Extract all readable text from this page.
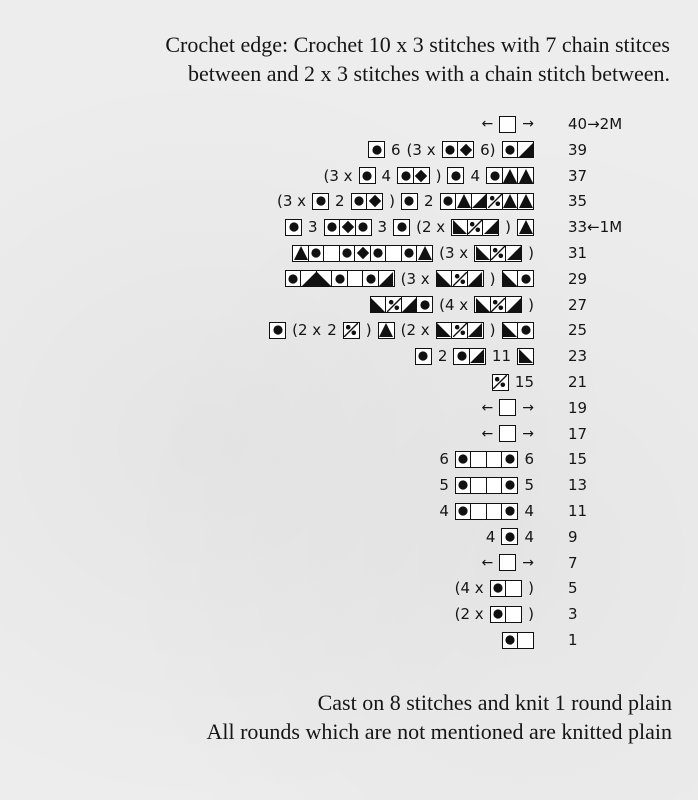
Crochet edge: Crochet 10 x 3 stitches with 7 chain stitces
between and 2 x 3 stitches with a chain stitch between.
← → 40→2M
6 (3 x	6)	39
(3 x 4	) 4	37
(3 x 2	) 2	35
3	3 (2 x	)	33←1M
(3 x	) 31
(3 x	)	29
(4 x	) 27
(2 x 2 ) (2 x	)	25
2	11	23
15 21
← → 19
← → 17
6	6 15
5	5 13
4	4 11
4 4 9
← → 7
(4 x	) 5
(2 x	) 3
1
Cast on 8 stitches and knit 1 round plain
All rounds which are not mentioned are knitted plain
